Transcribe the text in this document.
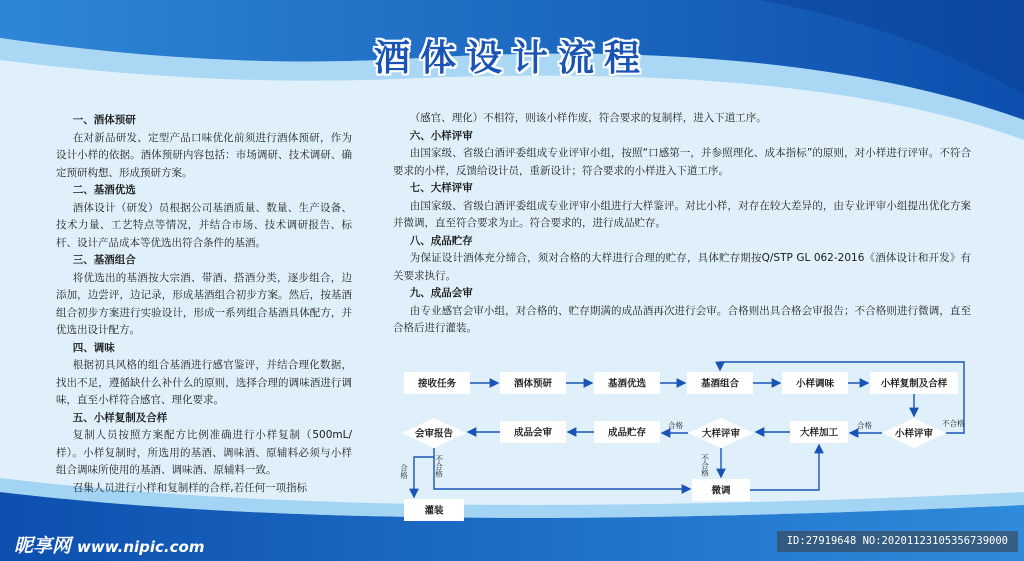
酒体设计流程

一、酒体预研

在对新品研发、定型产品口味优化前须进行酒体预研，作为设计小样的依据。酒体预研内容包括：市场调研、技术调研、确定预研构想、形成预研方案。

二、基酒优选

酒体设计（研发）员根据公司基酒质量、数量、生产设备、技术力量、工艺特点等情况，并结合市场、技术调研报告、标杆、设计产品成本等优选出符合条件的基酒。

三、基酒组合

将优选出的基酒按大宗酒、带酒、搭酒分类，逐步组合，边添加，边尝评，边记录，形成基酒组合初步方案。然后，按基酒组合初步方案进行实验设计，形成一系列组合基酒具体配方，并优选出设计配方。

四、调味

根据初具风格的组合基酒进行感官鉴评，并结合理化数据，找出不足，遵循缺什么补什么的原则，选择合理的调味酒进行调味，直至小样符合感官、理化要求。

五、小样复制及合样

复制人员按照方案配方比例准确进行小样复制（500mL/样）。小样复制时，所选用的基酒、调味酒、原辅料必须与小样组合调味所使用的基酒、调味酒、原辅料一致。

召集人员进行小样和复制样的合样,若任何一项指标

（感官、理化）不相符，则该小样作废，符合要求的复制样，进入下道工序。

六、小样评审

由国家级、省级白酒评委组成专业评审小组，按照“口感第一，并参照理化、成本指标”的原则，对小样进行评审。不符合要求的小样，反馈给设计员，重新设计；符合要求的小样进入下道工序。

七、大样评审

由国家级、省级白酒评委组成专业评审小组进行大样鉴评。对比小样，对存在较大差异的，由专业评审小组提出优化方案并微调，直至符合要求为止。符合要求的，进行成品贮存。

八、成品贮存

为保证设计酒体充分缔合，须对合格的大样进行合理的贮存，具体贮存期按Q/STP GL 062-2016《酒体设计和开发》有关要求执行。

九、成品会审

由专业感官会审小组，对合格的、贮存期满的成品酒再次进行会审。合格则出具合格会审报告；不合格则进行微调，直至合格后进行灌装。

接收任务	酒体预研	基酒优选	基酒组合	小样调味	小样复制及合样
小样评审
大样加工
大样评审
成品贮存
成品会审
会审报告
微调
灌装
合格	不合格
合格
不合格
合格	不合格
昵享网 www.nipic.com	ID:27919648 NO:20201123105356739000
